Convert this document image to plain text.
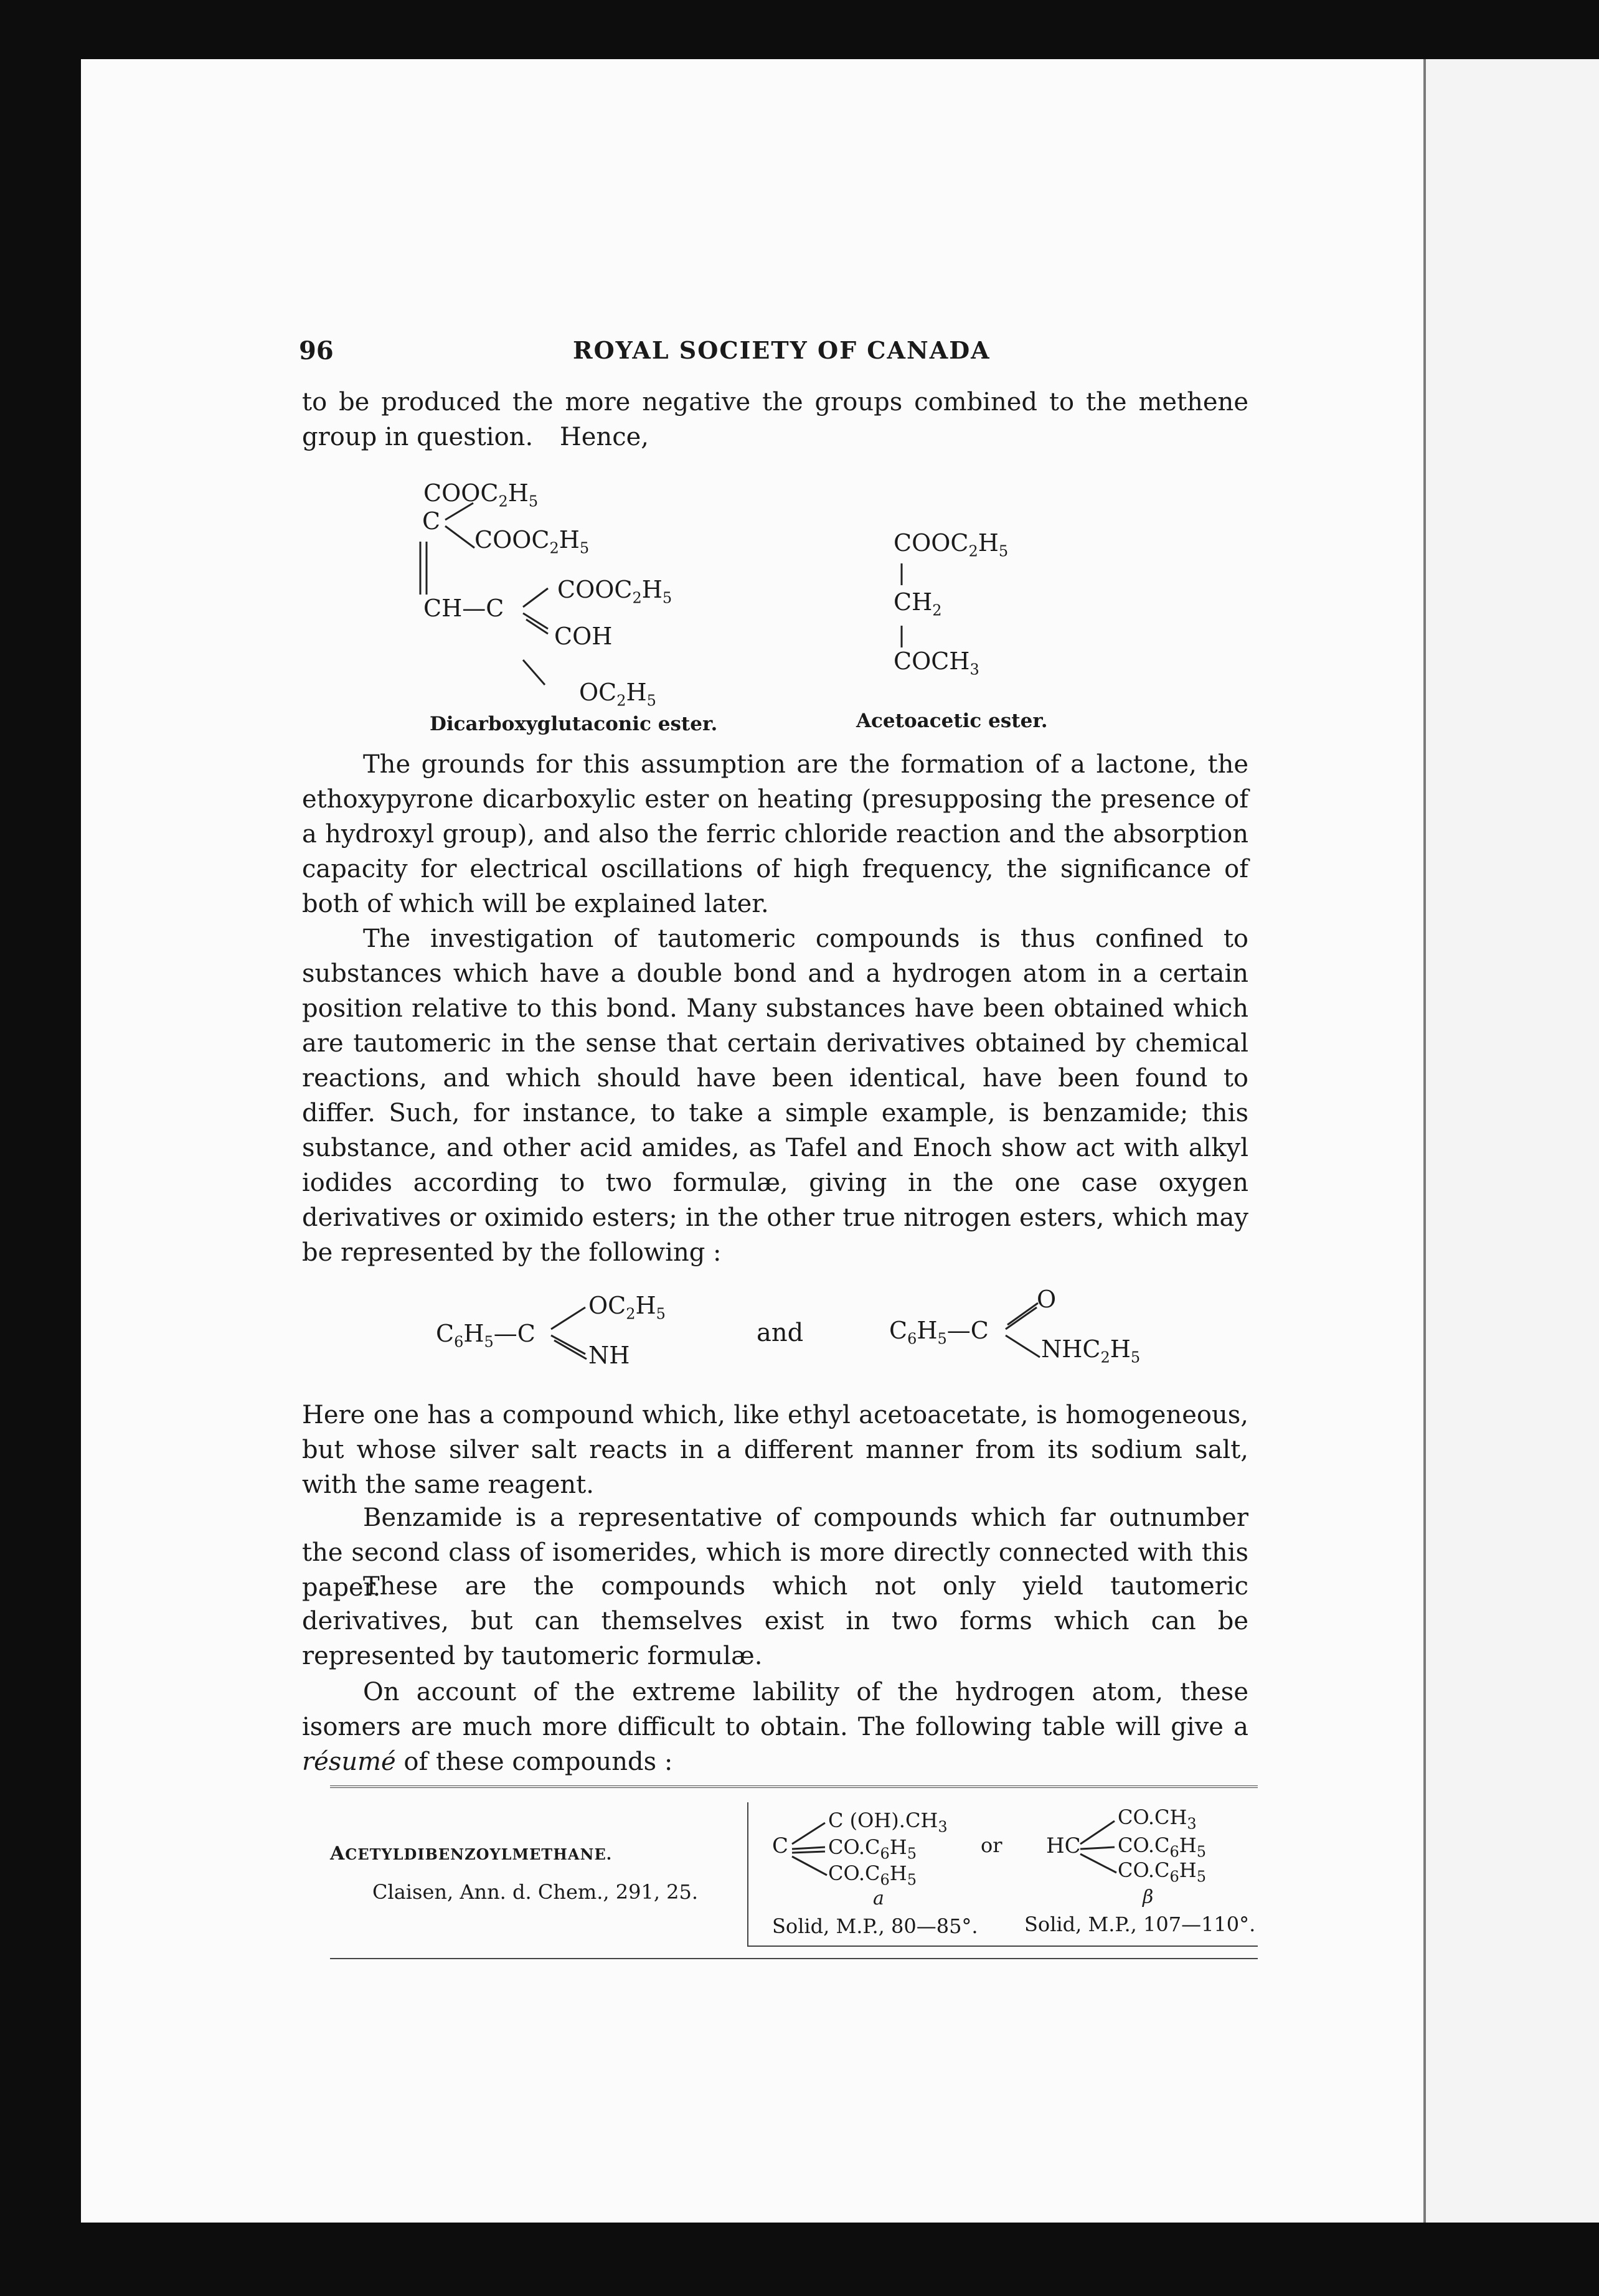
96	ROYAL SOCIETY OF CANADA
to be produced the more negative the groups combined to the methene
group in question. Hence,
$COOC_2H_5$
C
$COOC_2H_5$
CH—C
$COOC_2H_5$
COH
$OC_2H_5$
Dicarboxyglutaconic ester.
$COOC_2H_5$
$CH_2$
$COCH_3$
Acetoacetic ester.
The grounds for this assumption are the formation of a lactone, the ethoxypyrone dicarboxylic ester on heating (presupposing the presence of a hydroxyl group), and also the ferric chloride reaction and the absorption capacity for electrical oscillations of high frequency, the significance of both of which will be explained later.
The investigation of tautomeric compounds is thus confined to substances which have a double bond and a hydrogen atom in a certain position relative to this bond. Many substances have been obtained which are tautomeric in the sense that certain derivatives obtained by chemical reactions, and which should have been identical, have been found to differ. Such, for instance, to take a simple example, is benzamide; this substance, and other acid amides, as Tafel and Enoch show act with alkyl iodides according to two formulæ, giving in the one case oxygen derivatives or oximido esters; in the other true nitrogen esters, which may be represented by the following :
$C_6H_5—C$
$OC_2H_5$
NH
and	$C_6H_5—C$
O
$NHC_2H_5$
Here one has a compound which, like ethyl acetoacetate, is homogeneous, but whose silver salt reacts in a different manner from its sodium salt, with the same reagent.
Benzamide is a representative of compounds which far outnumber the second class of isomerides, which is more directly connected with this paper.
These are the compounds which not only yield tautomeric derivatives, but can themselves exist in two forms which can be represented by tautomeric formulæ.
On account of the extreme lability of the hydrogen atom, these isomers are much more difficult to obtain. The following table will give a résumé of these compounds :
ACETYLDIBENZOYLMETHANE.
Claisen, Ann. d. Chem., 291, 25.
C
C $(OH).CH_3$
$CO.C_6H_5$
$CO.C_6H_5$
a
Solid, M.P., 80—85°.
or HC
$CO.CH_3$
$CO.C_6H_5$
$CO.C_6H_5$
β
Solid, M.P., 107—110°.
